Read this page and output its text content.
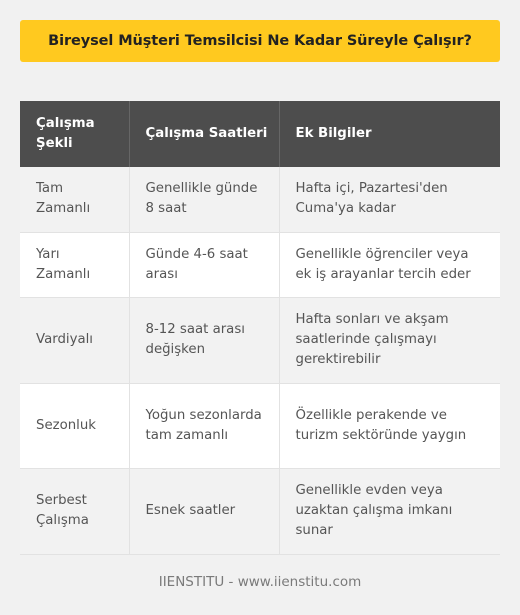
Bireysel Müşteri Temsilcisi Ne Kadar Süreyle Çalışır?
Çalışma Şekli	Çalışma Saatleri	Ek Bilgiler
Tam Zamanlı	Genellikle günde 8 saat	Hafta içi, Pazartesi'den Cuma'ya kadar
Yarı Zamanlı	Günde 4-6 saat arası	Genellikle öğrenciler veya ek iş arayanlar tercih eder
Vardiyalı	8-12 saat arası değişken	Hafta sonları ve akşam saatlerinde çalışmayı gerektirebilir
Sezonluk	Yoğun sezonlarda tam zamanlı	Özellikle perakende ve turizm sektöründe yaygın
Serbest Çalışma	Esnek saatler	Genellikle evden veya uzaktan çalışma imkanı sunar
IIENSTITU - www.iienstitu.com
